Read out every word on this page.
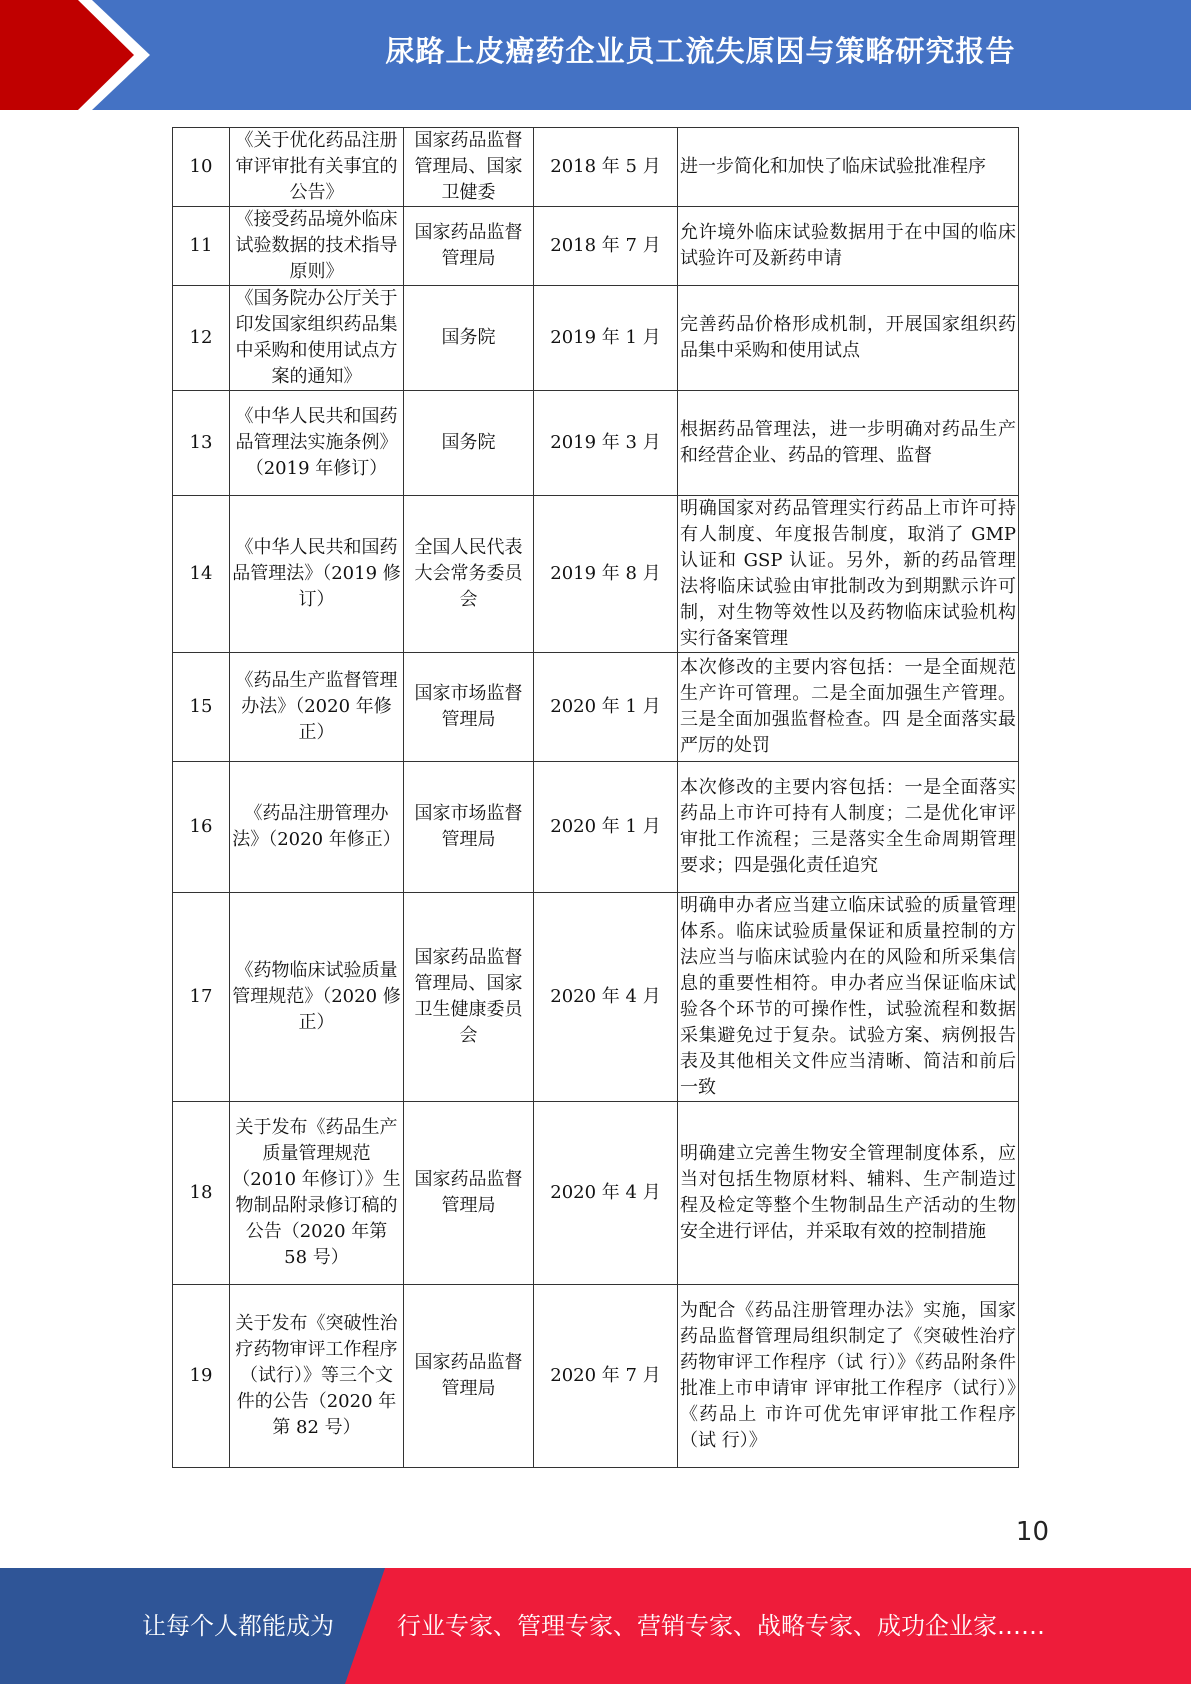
尿路上皮癌药企业员工流失原因与策略研究报告
10	《关于优化药品注册审评审批有关事宜的公告》	国家药品监督管理局、国家卫健委	2018 年 5 月	进一步简化和加快了临床试验批准程序
11	《接受药品境外临床试验数据的技术指导原则》	国家药品监督管理局	2018 年 7 月	允许境外临床试验数据用于在中国的临床试验许可及新药申请
12	《国务院办公厅关于印发国家组织药品集中采购和使用试点方案的通知》	国务院	2019 年 1 月	完善药品价格形成机制，开展国家组织药品集中采购和使用试点
13	《中华人民共和国药品管理法实施条例》（2019 年修订）	国务院	2019 年 3 月	根据药品管理法，进一步明确对药品生产和经营企业、药品的管理、监督
14	《中华人民共和国药品管理法》（2019 修订）	全国人民代表大会常务委员会	2019 年 8 月	明确国家对药品管理实行药品上市许可持有人制度、年度报告制度，取消了 GMP 认证和 GSP 认证。另外，新的药品管理法将临床试验由审批制改为到期默示许可制，对生物等效性以及药物临床试验机构实行备案管理
15	《药品生产监督管理办法》（2020 年修正）	国家市场监督管理局	2020 年 1 月	本次修改的主要内容包括：一是全面规范生产许可管理。二是全面加强生产管理。三是全面加强监督检查。四 是全面落实最严厉的处罚
16	《药品注册管理办法》（2020 年修正）	国家市场监督管理局	2020 年 1 月	本次修改的主要内容包括：一是全面落实药品上市许可持有人制度；二是优化审评审批工作流程；三是落实全生命周期管理要求；四是强化责任追究
17	《药物临床试验质量管理规范》（2020 修正）	国家药品监督管理局、国家卫生健康委员会	2020 年 4 月	明确申办者应当建立临床试验的质量管理体系。临床试验质量保证和质量控制的方法应当与临床试验内在的风险和所采集信息的重要性相符。申办者应当保证临床试验各个环节的可操作性，试验流程和数据采集避免过于复杂。试验方案、病例报告表及其他相关文件应当清晰、简洁和前后一致
18	关于发布《药品生产质量管理规范（2010 年修订）》生物制品附录修订稿的公告（2020 年第 58 号）	国家药品监督管理局	2020 年 4 月	明确建立完善生物安全管理制度体系，应当对包括生物原材料、辅料、生产制造过程及检定等整个生物制品生产活动的生物安全进行评估，并采取有效的控制措施
19	关于发布《突破性治疗药物审评工作程序（试行）》等三个文件的公告（2020 年第 82 号）	国家药品监督管理局	2020 年 7 月	为配合《药品注册管理办法》实施，国家药品监督管理局组织制定了《突破性治疗药物审评工作程序（试 行）》《药品附条件批准上市申请审 评审批工作程序（试行）》《药品上 市许可优先审评审批工作程序（试 行）》
10
让每个人都能成为	行业专家、管理专家、营销专家、战略专家、成功企业家……
